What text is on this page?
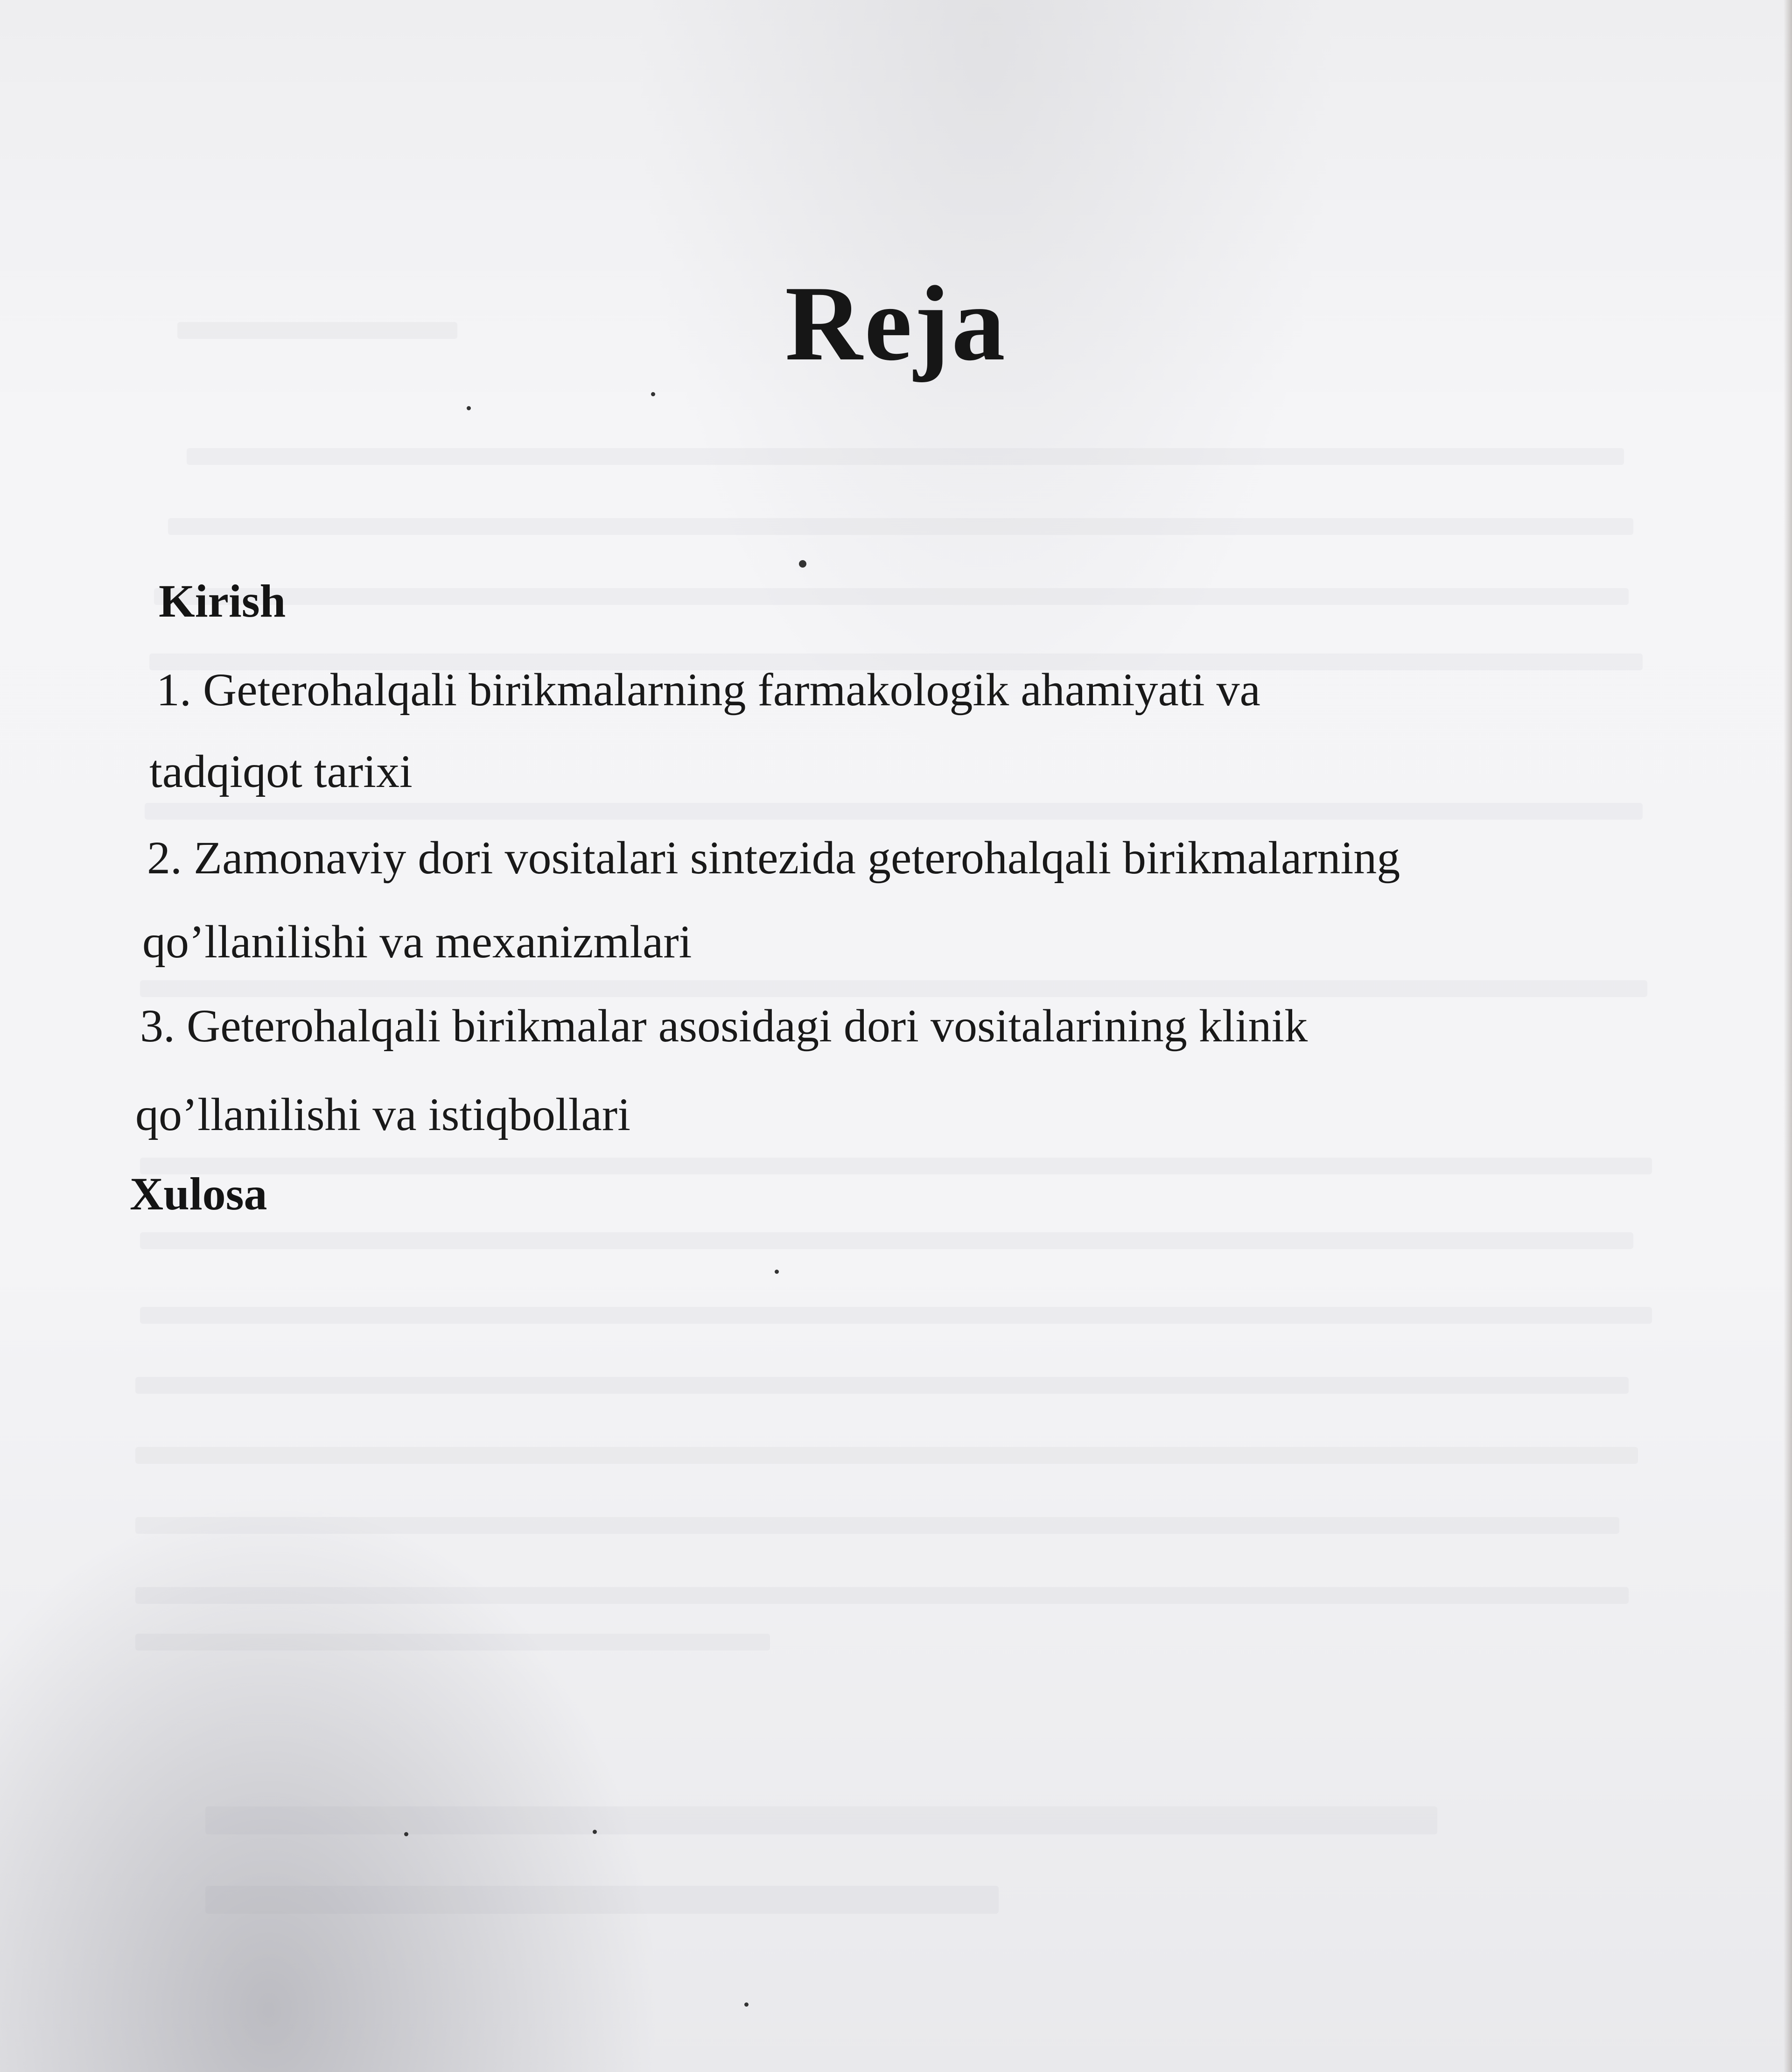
Reja

Kirish

1. Geterohalqali birikmalarning farmakologik ahamiyati va

tadqiqot tarixi

2. Zamonaviy dori vositalari sintezida geterohalqali birikmalarning

qo’llanilishi va mexanizmlari

3. Geterohalqali birikmalar asosidagi dori vositalarining klinik

qo’llanilishi va istiqbollari

Xulosa
